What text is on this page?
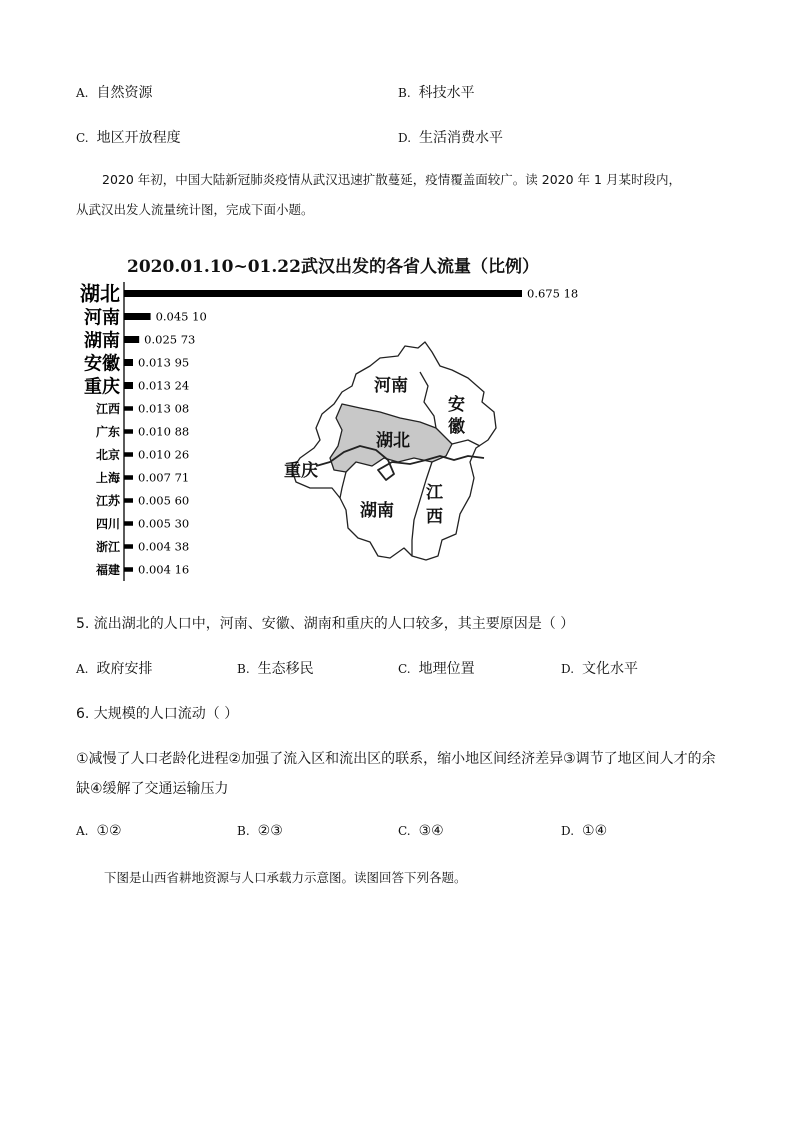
A. 自然资源	B. 科技水平
C. 地区开放程度	D. 生活消费水平
2020 年初，中国大陆新冠肺炎疫情从武汉迅速扩散蔓延，疫情覆盖面较广。读 2020 年 1 月某时段内，
从武汉出发人流量统计图，完成下面小题。
2020.01.10~01.22武汉出发的各省人流量（比例）
河南
安
徽
湖北
重庆
湖南
江
西
湖北	0.675 18
河南	0.045 10
湖南 0.025 73
安徽 0.013 95
重庆 0.013 24
江西 0.013 08
广东 0.010 88
北京 0.010 26
上海 0.007 71
江苏 0.005 60
四川 0.005 30
浙江 0.004 38
福建 0.004 16
5. 流出湖北的人口中，河南、安徽、湖南和重庆的人口较多，其主要原因是（ ）
A. 政府安排	B. 生态移民	C. 地理位置	D. 文化水平
6. 大规模的人口流动（ ）
①减慢了人口老龄化进程②加强了流入区和流出区的联系，缩小地区间经济差异③调节了地区间人才的余
缺④缓解了交通运输压力
A. ①②	B. ②③	C. ③④	D. ①④
下图是山西省耕地资源与人口承载力示意图。读图回答下列各题。
